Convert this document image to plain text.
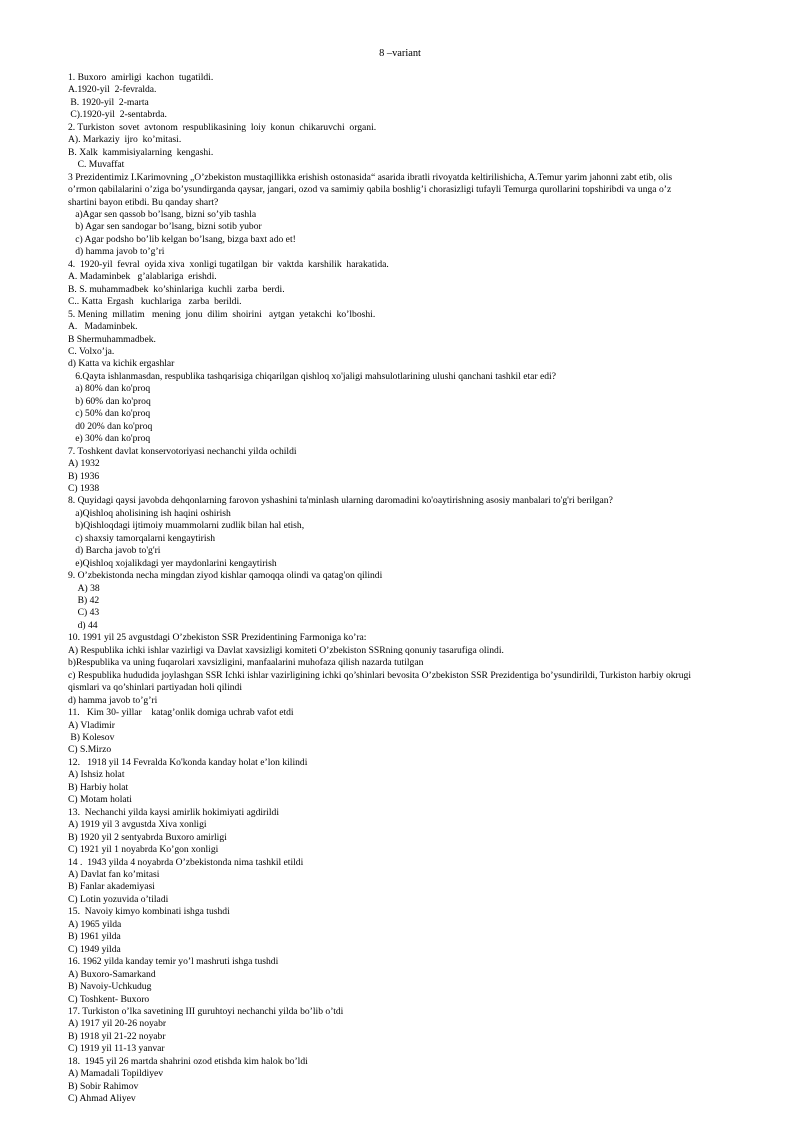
8 –variant
1. Buxoro  amirligi  kachon  tugatildi.
A.1920-yil  2-fevralda.
B. 1920-yil  2-marta
C).1920-yil  2-sentabrda.
2. Turkiston  sovet  avtonom  respublikasining  loiy  konun  chikaruvchi  organi.
A). Markaziy  ijro  ko’mitasi.
B. Xalk  kammisiyalarning  kengashi.
C. Muvaffat
3 Prezidentimiz I.Karimovning „O’zbekiston mustaqillikka erishish ostonasida“ asarida ibratli rivoyatda keltirilishicha, A.Temur yarim jahonni zabt etib, olis
o’rmon qabilalarini o’ziga bo’ysundirganda qaysar, jangari, ozod va samimiy qabila boshlig’i chorasizligi tufayli Temurga qurollarini topshiribdi va unga o’z
shartini bayon etibdi. Bu qanday shart?
a)Agar sen qassob bo’lsang, bizni so’yib tashla
b) Agar sen sandogar bo’lsang, bizni sotib yubor
c) Agar podsho bo’lib kelgan bo’lsang, bizga baxt ado et!
d) hamma javob to’g’ri
4.  1920-yil  fevral  oyida xiva  xonligi tugatilgan  bir  vaktda  karshilik  harakatida.
A. Madaminbek   g’alablariga  erishdi.
B. S. muhammadbek  ko’shinlariga  kuchli  zarba  berdi.
C.. Katta  Ergash   kuchlariga   zarba  berildi.
5. Mening  millatim   mening  jonu  dilim  shoirini   aytgan  yetakchi  ko’lboshi.
A.   Madaminbek.
B Shermuhammadbek.
C. Volxo’ja.
d) Katta va kichik ergashlar
6.Qayta ishlanmasdan, respublika tashqarisiga chiqarilgan qishloq xo'jaligi mahsulotlarining ulushi qanchani tashkil etar edi?
a) 80% dan ko'proq
b) 60% dan ko'proq
c) 50% dan ko'proq
d0 20% dan ko'proq
e) 30% dan ko'proq
7. Toshkent davlat konservotoriyasi nechanchi yilda ochildi
A) 1932
B) 1936
C) 1938
8. Quyidagi qaysi javobda dehqonlarning farovon yshashini ta'minlash ularning daromadini ko'oaytirishning asosiy manbalari to'g'ri berilgan?
a)Qishloq aholisining ish haqini oshirish
b)Qishloqdagi ijtimoiy muammolarni zudlik bilan hal etish,
c) shaxsiy tamorqalarni kengaytirish
d) Barcha javob to'g'ri
e)Qishloq xojalikdagi yer maydonlarini kengaytirish
9. O’zbekistonda necha mingdan ziyod kishlar qamoqqa olindi va qatag'on qilindi
A) 38
B) 42
C) 43
d) 44
10. 1991 yil 25 avgustdagi O’zbekiston SSR Prezidentining Farmoniga ko’ra:
A) Respublika ichki ishlar vazirligi va Davlat xavsizligi komiteti O’zbekiston SSRning qonuniy tasarufiga olindi.
b)Respublika va uning fuqarolari xavsizligini, manfaalarini muhofaza qilish nazarda tutilgan
c) Respublika hududida joylashgan SSR Ichki ishlar vazirligining ichki qo’shinlari bevosita O’zbekiston SSR Prezidentiga bo’ysundirildi, Turkiston harbiy okrugi
qismlari va qo’shinlari partiyadan holi qilindi
d) hamma javob to’g’ri
11.   Kim 30- yillar    katag’onlik domiga uchrab vafot etdi
A) Vladimir
B) Kolesov
C) S.Mirzo
12.   1918 yil 14 Fevralda Ko'konda kanday holat e’lon kilindi
A) Ishsiz holat
B) Harbiy holat
C) Motam holati
13.  Nechanchi yilda kaysi amirlik hokimiyati agdirildi
A) 1919 yil 3 avgustda Xiva xonligi
B) 1920 yil 2 sentyabrda Buxoro amirligi
C) 1921 yil 1 noyabrda Ko’gon xonligi
14 .  1943 yilda 4 noyabrda O’zbekistonda nima tashkil etildi
A) Davlat fan ko’mitasi
B) Fanlar akademiyasi
C) Lotin yozuvida o’tiladi
15.  Navoiy kimyo kombinati ishga tushdi
A) 1965 yilda
B) 1961 yilda
C) 1949 yilda
16. 1962 yilda kanday temir yo’l mashruti ishga tushdi
A) Buxoro-Samarkand
B) Navoiy-Uchkudug
C) Toshkent- Buxoro
17. Turkiston o’lka savetining III guruhtoyi nechanchi yilda bo’lib o’tdi
A) 1917 yil 20-26 noyabr
B) 1918 yil 21-22 noyabr
C) 1919 yil 11-13 yanvar
18.  1945 yil 26 martda shahrini ozod etishda kim halok bo’ldi
A) Mamadali Topildiyev
B) Sobir Rahimov
C) Ahmad Aliyev
